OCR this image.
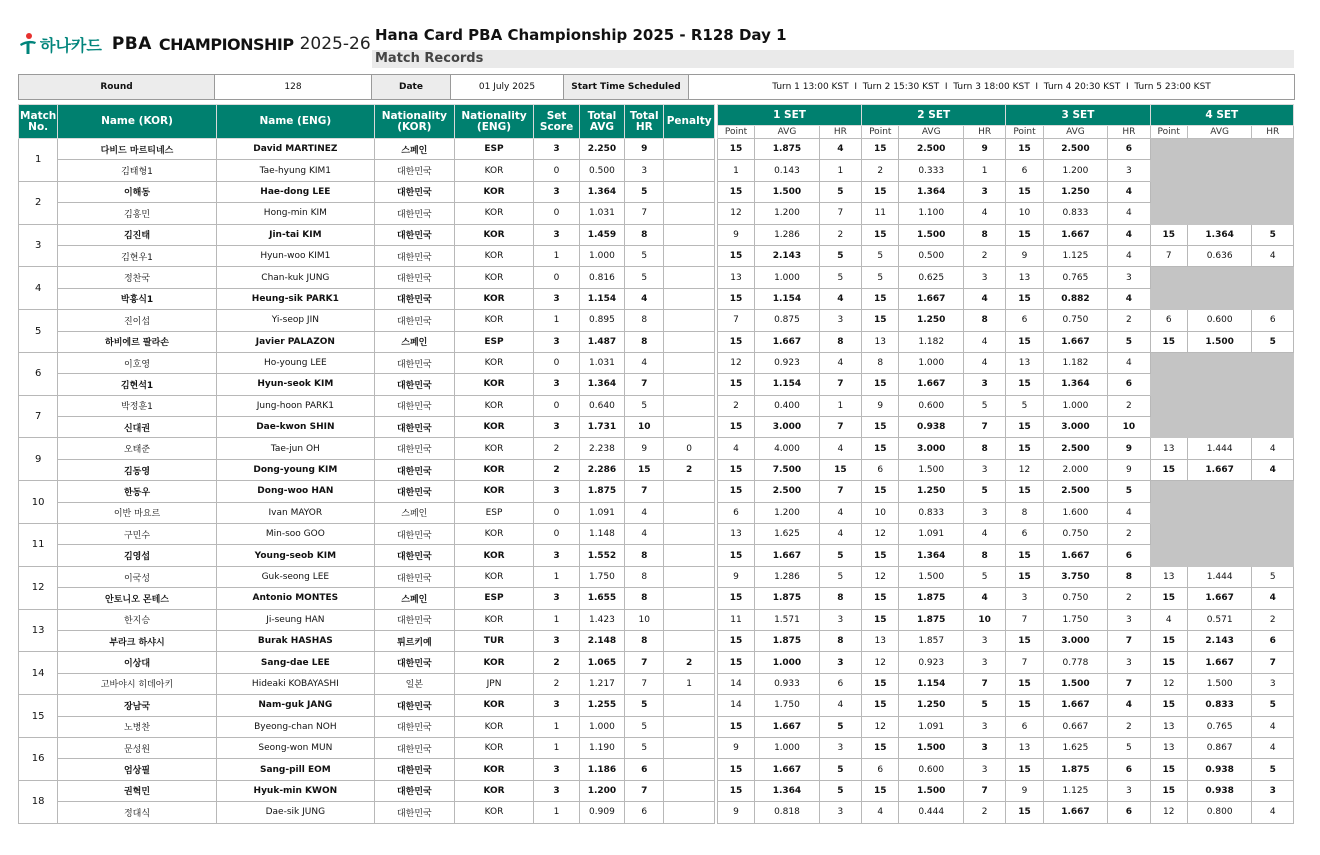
하나카드 PBA CHAMPIONSHIP 2025-26 Hana Card PBA Championship 2025 - R128 Day 1
Match Records
Round	128	Date	01 July 2025	Start Time Scheduled	Turn 1 13:00 KST  I  Turn 2 15:30 KST  I  Turn 3 18:00 KST  I  Turn 4 20:30 KST  I  Turn 5 23:00 KST
Match No.	Name (KOR)	Name (ENG)	Nationality (KOR)	Nationality (ENG)	Set Score	Total AVG	Total HR	Penalty		1 SET			2 SET			3 SET			4 SET		
										Point	AVG	HR	Point	AVG	HR	Point	AVG	HR	Point	AVG	HR
1	다비드 마르티네스	David MARTINEZ	스페인	ESP	3	2.250	9			15	1.875	4	15	2.500	9	15	2.500	6			
	김태형1	Tae-hyung KIM1	대한민국	KOR	0	0.500	3			1	0.143	1	2	0.333	1	6	1.200	3			
2	이해동	Hae-dong LEE	대한민국	KOR	3	1.364	5			15	1.500	5	15	1.364	3	15	1.250	4			
	김홍민	Hong-min KIM	대한민국	KOR	0	1.031	7			12	1.200	7	11	1.100	4	10	0.833	4			
3	김진태	Jin-tai KIM	대한민국	KOR	3	1.459	8			9	1.286	2	15	1.500	8	15	1.667	4	15	1.364	5
	김현우1	Hyun-woo KIM1	대한민국	KOR	1	1.000	5			15	2.143	5	5	0.500	2	9	1.125	4	7	0.636	4
4	정찬국	Chan-kuk JUNG	대한민국	KOR	0	0.816	5			13	1.000	5	5	0.625	3	13	0.765	3			
	박흥식1	Heung-sik PARK1	대한민국	KOR	3	1.154	4			15	1.154	4	15	1.667	4	15	0.882	4			
5	진이섭	Yi-seop JIN	대한민국	KOR	1	0.895	8			7	0.875	3	15	1.250	8	6	0.750	2	6	0.600	6
	하비에르 팔라손	Javier PALAZON	스페인	ESP	3	1.487	8			15	1.667	8	13	1.182	4	15	1.667	5	15	1.500	5
6	이호영	Ho-young LEE	대한민국	KOR	0	1.031	4			12	0.923	4	8	1.000	4	13	1.182	4			
	김현석1	Hyun-seok KIM	대한민국	KOR	3	1.364	7			15	1.154	7	15	1.667	3	15	1.364	6			
7	박정훈1	Jung-hoon PARK1	대한민국	KOR	0	0.640	5			2	0.400	1	9	0.600	5	5	1.000	2			
	신대권	Dae-kwon SHIN	대한민국	KOR	3	1.731	10			15	3.000	7	15	0.938	7	15	3.000	10			
9	오태준	Tae-jun OH	대한민국	KOR	2	2.238	9	0		4	4.000	4	15	3.000	8	15	2.500	9	13	1.444	4
	김동영	Dong-young KIM	대한민국	KOR	2	2.286	15	2		15	7.500	15	6	1.500	3	12	2.000	9	15	1.667	4
10	한동우	Dong-woo HAN	대한민국	KOR	3	1.875	7			15	2.500	7	15	1.250	5	15	2.500	5			
	이반 마요르	Ivan MAYOR	스페인	ESP	0	1.091	4			6	1.200	4	10	0.833	3	8	1.600	4			
11	구민수	Min-soo GOO	대한민국	KOR	0	1.148	4			13	1.625	4	12	1.091	4	6	0.750	2			
	김영섭	Young-seob KIM	대한민국	KOR	3	1.552	8			15	1.667	5	15	1.364	8	15	1.667	6			
12	이국성	Guk-seong LEE	대한민국	KOR	1	1.750	8			9	1.286	5	12	1.500	5	15	3.750	8	13	1.444	5
	안토니오 몬테스	Antonio MONTES	스페인	ESP	3	1.655	8			15	1.875	8	15	1.875	4	3	0.750	2	15	1.667	4
13	한지승	Ji-seung HAN	대한민국	KOR	1	1.423	10			11	1.571	3	15	1.875	10	7	1.750	3	4	0.571	2
	부라크 하샤시	Burak HASHAS	튀르키예	TUR	3	2.148	8			15	1.875	8	13	1.857	3	15	3.000	7	15	2.143	6
14	이상대	Sang-dae LEE	대한민국	KOR	2	1.065	7	2		15	1.000	3	12	0.923	3	7	0.778	3	15	1.667	7
	고바야시 히데아키	Hideaki KOBAYASHI	일본	JPN	2	1.217	7	1		14	0.933	6	15	1.154	7	15	1.500	7	12	1.500	3
15	장남국	Nam-guk JANG	대한민국	KOR	3	1.255	5			14	1.750	4	15	1.250	5	15	1.667	4	15	0.833	5
	노병찬	Byeong-chan NOH	대한민국	KOR	1	1.000	5			15	1.667	5	12	1.091	3	6	0.667	2	13	0.765	4
16	문성원	Seong-won MUN	대한민국	KOR	1	1.190	5			9	1.000	3	15	1.500	3	13	1.625	5	13	0.867	4
	엄상필	Sang-pill EOM	대한민국	KOR	3	1.186	6			15	1.667	5	6	0.600	3	15	1.875	6	15	0.938	5
18	권혁민	Hyuk-min KWON	대한민국	KOR	3	1.200	7			15	1.364	5	15	1.500	7	9	1.125	3	15	0.938	3
	정대식	Dae-sik JUNG	대한민국	KOR	1	0.909	6			9	0.818	3	4	0.444	2	15	1.667	6	12	0.800	4
